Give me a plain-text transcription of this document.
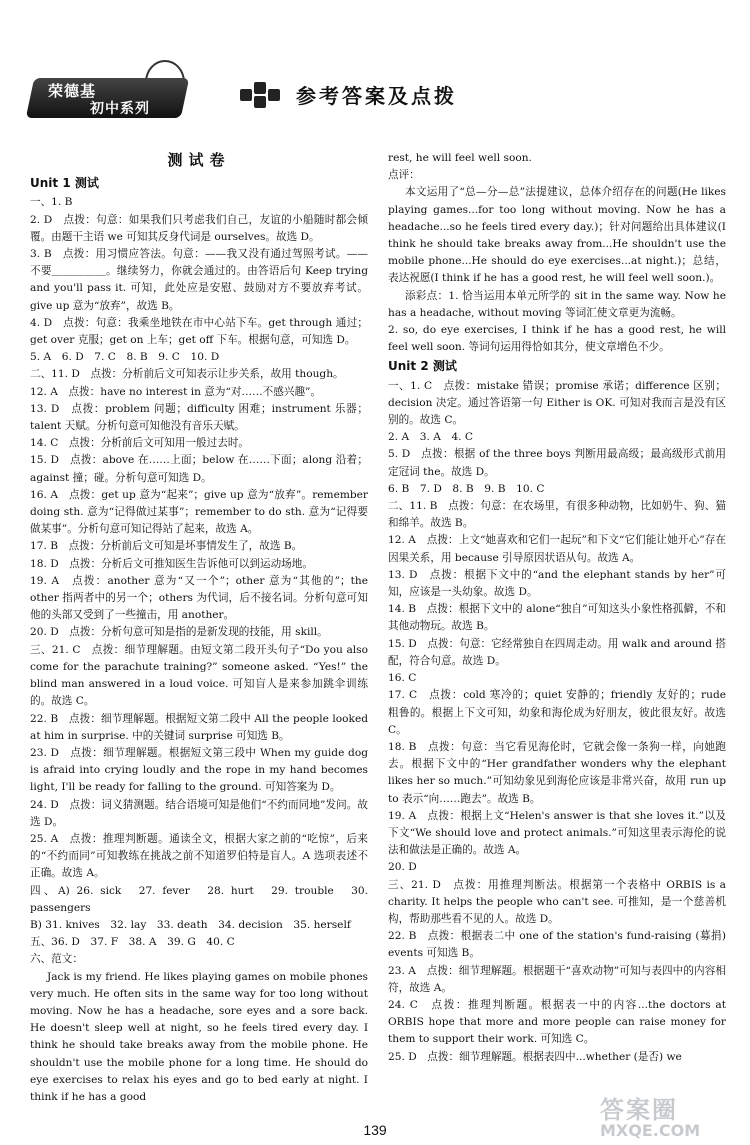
荣德基
初中系列
参考答案及点拨
测试卷
Unit 1 测试
一、1. B
2. D　点拨：句意：如果我们只考虑我们自己，友谊的小船随时都会倾覆。由题干主语 we 可知其反身代词是 ourselves。故选 D。
3. B　点拨：用习惯应答法。句意：——我又没有通过驾照考试。——不要＿＿＿＿＿。继续努力，你就会通过的。由答语后句 Keep trying and you'll pass it. 可知，此处应是安慰、鼓励对方不要放弃考试。give up 意为“放弃”，故选 B。
4. D　点拨：句意：我乘坐地铁在市中心站下车。get through 通过；get over 克服；get on 上车；get off 下车。根据句意，可知选 D。
5. A　6. D　7. C　8. B　9. C　10. D
二、11. D　点拨：分析前后文可知表示让步关系，故用 though。
12. A　点拨：have no interest in 意为“对……不感兴趣”。
13. D　点拨：problem 问题；difficulty 困难；instrument 乐器；talent 天赋。分析句意可知他没有音乐天赋。
14. C　点拨：分析前后文可知用一般过去时。
15. D　点拨：above 在……上面；below 在……下面；along 沿着；against 撞；碰。分析句意可知选 D。
16. A　点拨：get up 意为“起来”；give up 意为“放弃”。remember doing sth. 意为“记得做过某事”；remember to do sth. 意为“记得要做某事”。分析句意可知记得站了起来，故选 A。
17. B　点拨：分析前后文可知是坏事情发生了，故选 B。
18. D　点拨：分析后文可推知医生告诉他可以到运动场地。
19. A　点拨：another 意为“又一个”；other 意为“其他的”；the other 指两者中的另一个；others 为代词，后不接名词。分析句意可知他的头部又受到了一些撞击，用 another。
20. D　点拨：分析句意可知是指的是新发现的技能，用 skill。
三、21. C　点拨：细节理解题。由短文第二段开头句子“Do you also come for the parachute training?” someone asked. “Yes!” the blind man answered in a loud voice. 可知盲人是来参加跳伞训练的。故选 C。
22. B　点拨：细节理解题。根据短文第二段中 All the people looked at him in surprise. 中的关键词 surprise 可知选 B。
23. D　点拨：细节理解题。根据短文第三段中 When my guide dog is afraid into crying loudly and the rope in my hand becomes light, I'll be ready for falling to the ground. 可知答案为 D。
24. D　点拨：词义猜测题。结合语境可知是他们“不约而同地”发问。故选 D。
25. A　点拨：推理判断题。通读全文，根据大家之前的“吃惊”，后来的“不约而同”可知教练在挑战之前不知道罗伯特是盲人。A 选项表述不正确。故选 A。
四、A) 26. sick　27. fever　28. hurt　29. trouble　30. passengers
B) 31. knives　32. lay　33. death　34. decision　35. herself
五、36. D　37. F　38. A　39. G　40. C
六、范文：
Jack is my friend. He likes playing games on mobile phones very much. He often sits in the same way for too long without moving. Now he has a headache, sore eyes and a sore back. He doesn't sleep well at night, so he feels tired every day. I think he should take breaks away from the mobile phone. He shouldn't use the mobile phone for a long time. He should do eye exercises to relax his eyes and go to bed early at night. I think if he has a good
rest, he will feel well soon.
点评：
本文运用了“总—分—总”法提建议，总体介绍存在的问题(He likes playing games...for too long without moving. Now he has a headache...so he feels tired every day.)；针对问题给出具体建议(I think he should take breaks away from...He shouldn't use the mobile phone...He should do eye exercises...at night.)；总结，表达祝愿(I think if he has a good rest, he will feel well soon.)。
添彩点：1. 恰当运用本单元所学的 sit in the same way. Now he has a headache, without moving 等词汇使文章更为流畅。
2. so, do eye exercises, I think if he has a good rest, he will feel well soon. 等词句运用得恰如其分，使文章增色不少。
Unit 2 测试
一、1. C　点拨：mistake 错误；promise 承诺；difference 区别；decision 决定。通过答语第一句 Either is OK. 可知对我而言是没有区别的。故选 C。
2. A　3. A　4. C
5. D　点拨：根据 of the three boys 判断用最高级；最高级形式前用定冠词 the。故选 D。
6. B　7. D　8. B　9. B　10. C
二、11. B　点拨：句意：在农场里，有很多种动物，比如奶牛、狗、猫和绵羊。故选 B。
12. A　点拨：上文“她喜欢和它们一起玩”和下文“它们能让她开心”存在因果关系，用 because 引导原因状语从句。故选 A。
13. D　点拨：根据下文中的“and the elephant stands by her”可知，应该是一头幼象。故选 D。
14. B　点拨：根据下文中的 alone“独自”可知这头小象性格孤僻，不和其他动物玩。故选 B。
15. D　点拨：句意：它经常独自在四周走动。用 walk and around 搭配，符合句意。故选 D。
16. C
17. C　点拨：cold 寒冷的；quiet 安静的；friendly 友好的；rude 粗鲁的。根据上下文可知，幼象和海伦成为好朋友，彼此很友好。故选 C。
18. B　点拨：句意：当它看见海伦时，它就会像一条狗一样，向她跑去。根据下文中的“Her grandfather wonders why the elephant likes her so much.”可知幼象见到海伦应该是非常兴奋，故用 run up to 表示“向……跑去”。故选 B。
19. A　点拨：根据上文“Helen's answer is that she loves it.”以及下文“We should love and protect animals.”可知这里表示海伦的说法和做法是正确的。故选 A。
20. D
三、21. D　点拨：用推理判断法。根据第一个表格中 ORBIS is a charity. It helps the people who can't see. 可推知，是一个慈善机构，帮助那些看不见的人。故选 D。
22. B　点拨：根据表二中 one of the station's fund-raising (募捐) events 可知选 B。
23. A　点拨：细节理解题。根据题干“喜欢动物”可知与表四中的内容相符，故选 A。
24. C　点拨：推理判断题。根据表一中的内容...the doctors at ORBIS hope that more and more people can raise money for them to support their work. 可知选 C。
25. D　点拨：细节理解题。根据表四中...whether (是否) we
139
答案圈
MXQE.COM
